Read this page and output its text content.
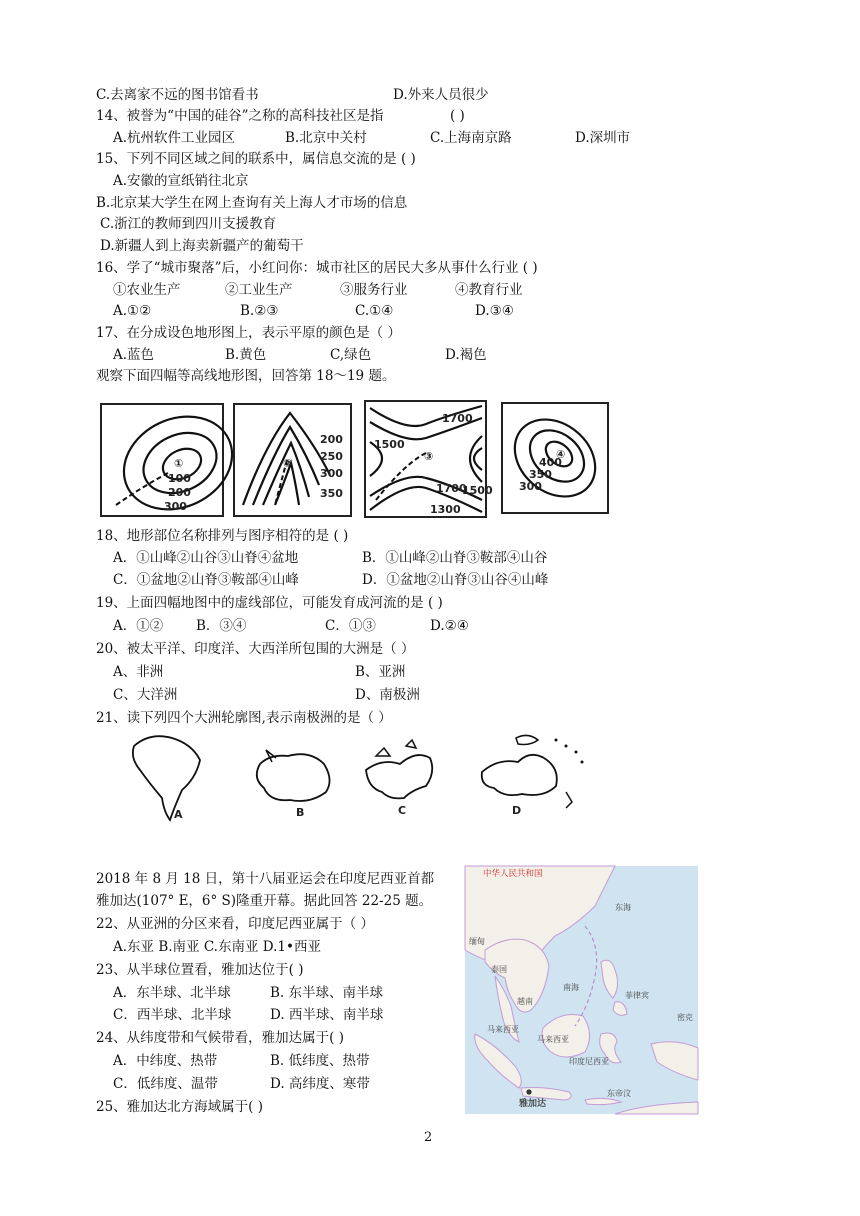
C.去离家不远的图书馆看书	D.外来人员很少
14、被誉为“中国的硅谷”之称的高科技社区是指	( )
A.杭州软件工业园区	B.北京中关村	C.上海南京路	D.深圳市
15、下列不同区域之间的联系中，属信息交流的是 ( )
A.安徽的宣纸销往北京
B.北京某大学生在网上查询有关上海人才市场的信息
C.浙江的教师到四川支援教育
D.新疆人到上海卖新疆产的葡萄干
16、学了“城市聚落”后，小红问你：城市社区的居民大多从事什么行业 ( )
①农业生产	②工业生产	③服务行业	④教育行业
A.①②	B.②③	C.①④	D.③④
17、在分成设色地形图上，表示平原的颜色是（ ）
A.蓝色	B.黄色	C,绿色	D.褐色
观察下面四幅等高线地形图，回答第 18～19 题。
①
100
200
300
②
200
250
300
350
③
1700
1500
1700
1500
1300
④
400
350
300
18、地形部位名称排列与图序相符的是 ( )
A．①山峰②山谷③山脊④盆地	B．①山峰②山脊③鞍部④山谷
C．①盆地②山脊③鞍部④山峰	D．①盆地②山脊③山谷④山峰
19、上面四幅地图中的虚线部位，可能发育成河流的是 ( )
A．①② B．③④	C．①③	D.②④
20、被太平洋、印度洋、大西洋所包围的大洲是（ ）
A、非洲	B、亚洲
C、大洋洲	D、南极洲
21、读下列四个大洲轮廓图,表示南极洲的是（ ）
A	B	C	D
2018 年 8 月 18 日，第十八届亚运会在印度尼西亚首都
雅加达(107° E，6° S)隆重开幕。据此回答 22-25 题。
22、从亚洲的分区来看，印度尼西亚属于（ ）
A.东亚 B.南亚 C.东南亚 D.1•西亚
23、从半球位置看，雅加达位于( )
A．东半球、北半球	B. 东半球、南半球
C．西半球、北半球	D. 西半球、南半球
24、从纬度带和气候带看，雅加达属于( )
A．中纬度、热带	B. 低纬度、热带
C．低纬度、温带	D. 高纬度、寒带
25、雅加达北方海域属于( )
中华人民共和国
东海
缅甸
泰国
越南
南海
菲律宾
马来西亚
马来西亚
印度尼西亚
密克
东帝汶
雅加达
2
